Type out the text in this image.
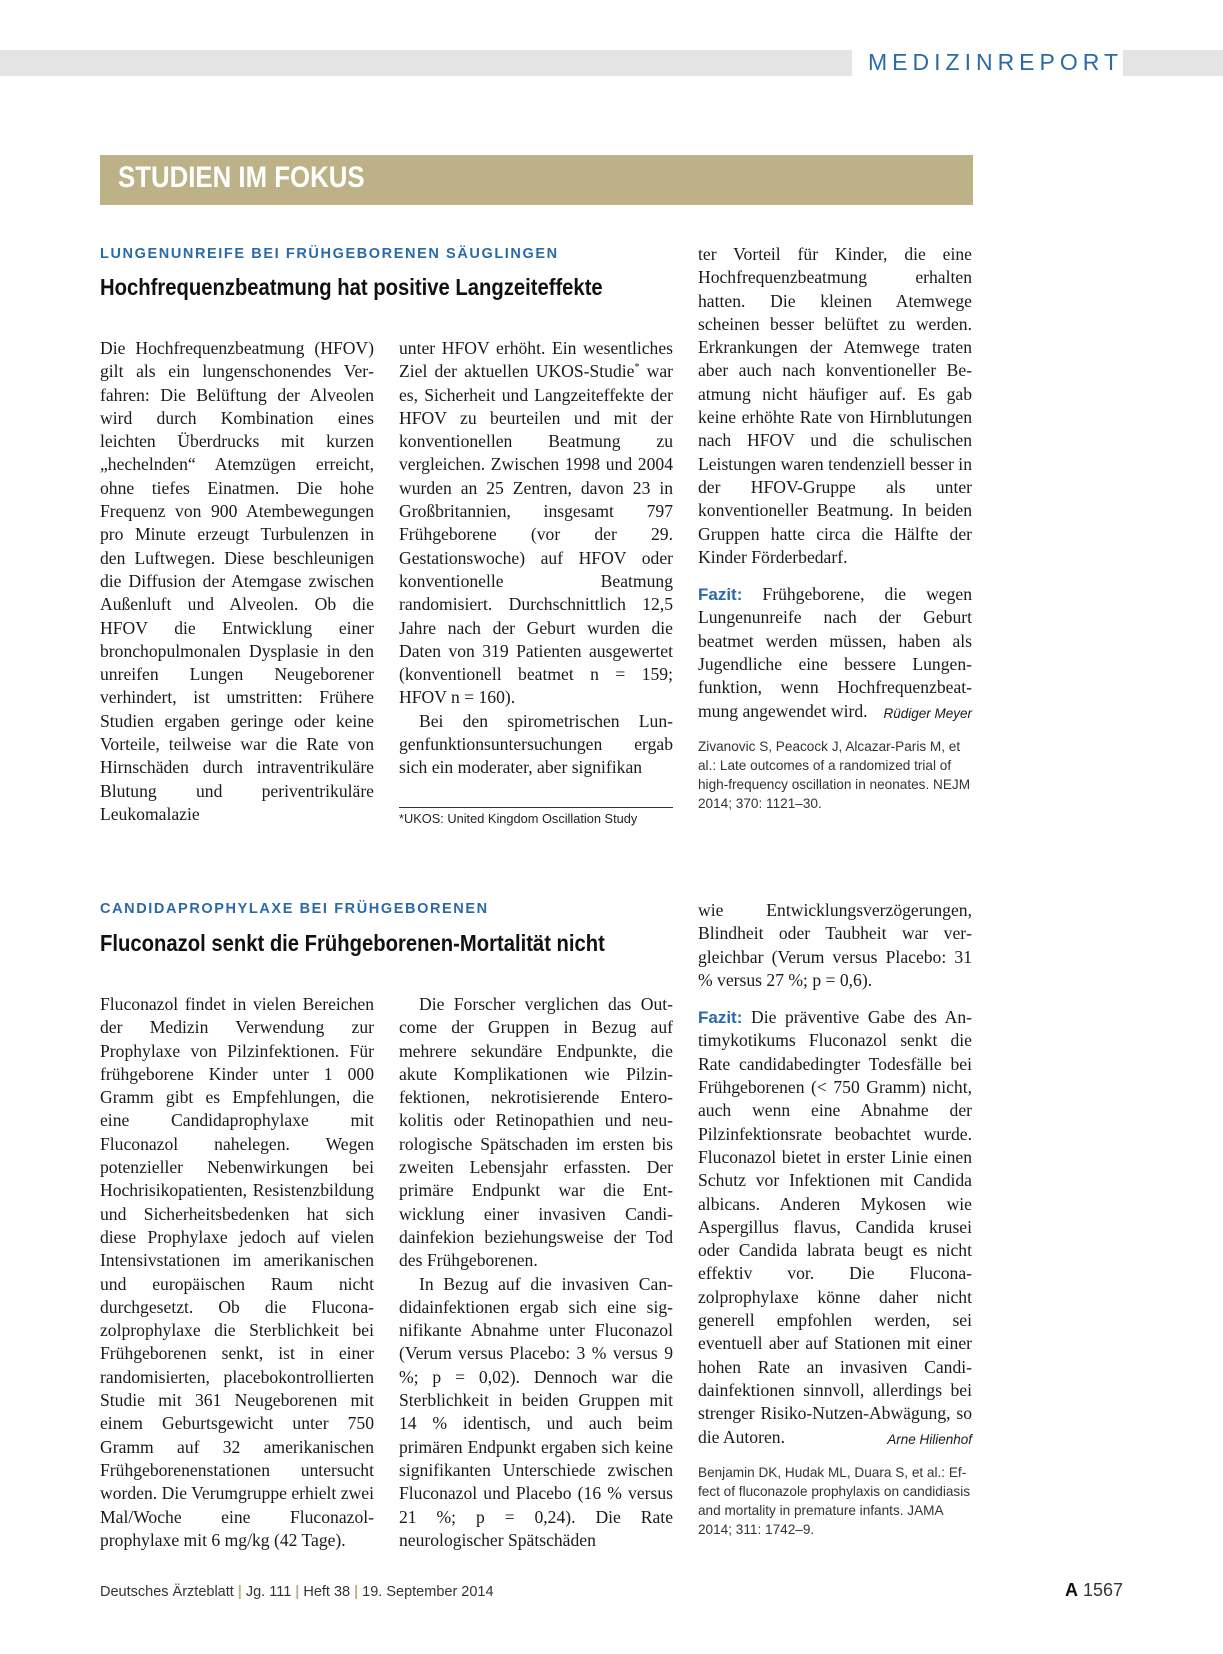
MEDIZINREPORT
STUDIEN IM FOKUS
LUNGENUNREIFE BEI FRÜHGEBORENEN SÄUGLINGEN
Hochfrequenzbeatmung hat positive Langzeiteffekte

Die Hochfrequenzbeatmung (HFOV) gilt als ein lungenschonendes Verfahren: Die Belüftung der Alveolen wird durch Kombination eines leichten Überdrucks mit kurzen „hechelnden“ Atemzügen erreicht, ohne tiefes Einatmen. Die hohe Frequenz von 900 Atembewegungen pro Minute erzeugt Turbulenzen in den Luftwegen. Diese beschleunigen die Diffusion der Atemgase zwischen Außenluft und Alveolen. Ob die HFOV die Entwicklung einer bronchopulmonalen Dysplasie in den unreifen Lungen Neugeborener verhindert, ist umstritten: Frühere Studien ergaben geringe oder keine Vorteile, teilweise war die Rate von Hirnschäden durch intraventrikuläre Blutung und periventrikuläre Leukomalazie

unter HFOV erhöht. Ein wesentliches Ziel der aktuellen UKOS-Studie* war es, Sicherheit und Langzeiteffekte der HFOV zu beurteilen und mit der konventionellen Beatmung zu vergleichen. Zwischen 1998 und 2004 wurden an 25 Zentren, davon 23 in Großbritannien, insgesamt 797 Frühgeborene (vor der 29. Gestationswoche) auf HFOV oder konventionelle Beatmung randomisiert. Durchschnittlich 12,5 Jahre nach der Geburt wurden die Daten von 319 Patienten ausgewertet (konventionell beatmet n = 159; HFOV n = 160).

Bei den spirometrischen Lungenfunktionsuntersuchungen ergab sich ein moderater, aber signifikan

*UKOS: United Kingdom Oscillation Study

ter Vorteil für Kinder, die eine Hochfrequenzbeatmung erhalten hatten. Die kleinen Atemwege scheinen besser belüftet zu werden. Erkrankungen der Atemwege traten aber auch nach konventioneller Beatmung nicht häufiger auf. Es gab keine erhöhte Rate von Hirnblutungen nach HFOV und die schulischen Leistungen waren tendenziell besser in der HFOV-Gruppe als unter konventioneller Beatmung. In beiden Gruppen hatte circa die Hälfte der Kinder Förderbedarf.

Fazit: Frühgeborene, die wegen Lungenunreife nach der Geburt beatmet werden müssen, haben als Jugendliche eine bessere Lungenfunktion, wenn Hochfrequenzbeatmung angewendet wird. Rüdiger Meyer

Zivanovic S, Peacock J, Alcazar-Paris M, et al.: Late outcomes of a randomized trial of high-frequency oscillation in neonates. NEJM 2014; 370: 1121–30.
CANDIDAPROPHYLAXE BEI FRÜHGEBORENEN
Fluconazol senkt die Frühgeborenen-Mortalität nicht

Fluconazol findet in vielen Bereichen der Medizin Verwendung zur Prophylaxe von Pilzinfektionen. Für frühgeborene Kinder unter 1 000 Gramm gibt es Empfehlungen, die eine Candidaprophylaxe mit Fluconazol nahelegen. Wegen potenzieller Nebenwirkungen bei Hochrisikopatienten, Resistenzbildung und Sicherheitsbedenken hat sich diese Prophylaxe jedoch auf vielen Intensivstationen im amerikanischen und europäischen Raum nicht durchgesetzt. Ob die Fluconazolprophylaxe die Sterblichkeit bei Frühgeborenen senkt, ist in einer randomisierten, placebokontrollierten Studie mit 361 Neugeborenen mit einem Geburtsgewicht unter 750 Gramm auf 32 amerikanischen Frühgeborenenstationen untersucht worden. Die Verumgruppe erhielt zwei Mal/Woche eine Fluconazolprophylaxe mit 6 mg/kg (42 Tage).

Die Forscher verglichen das Outcome der Gruppen in Bezug auf mehrere sekundäre Endpunkte, die akute Komplikationen wie Pilzinfektionen, nekrotisierende Enterokolitis oder Retinopathien und neurologische Spätschaden im ersten bis zweiten Lebensjahr erfassten. Der primäre Endpunkt war die Entwicklung einer invasiven Candidainfekion beziehungsweise der Tod des Frühgeborenen.

In Bezug auf die invasiven Candidainfektionen ergab sich eine signifikante Abnahme unter Fluconazol (Verum versus Placebo: 3 % versus 9 %; p = 0,02). Dennoch war die Sterblichkeit in beiden Gruppen mit 14 % identisch, und auch beim primären Endpunkt ergaben sich keine signifikanten Unterschiede zwischen Fluconazol und Placebo (16 % versus 21 %; p = 0,24). Die Rate neurologischer Spätschäden

wie Entwicklungsverzögerungen, Blindheit oder Taubheit war vergleichbar (Verum versus Placebo: 31 % versus 27 %; p = 0,6).

Fazit: Die präventive Gabe des Antimykotikums Fluconazol senkt die Rate candidabedingter Todesfälle bei Frühgeborenen (< 750 Gramm) nicht, auch wenn eine Abnahme der Pilzinfektionsrate beobachtet wurde. Fluconazol bietet in erster Linie einen Schutz vor Infektionen mit Candida albicans. Anderen Mykosen wie Aspergillus flavus, Candida krusei oder Candida labrata beugt es nicht effektiv vor. Die Fluconazolprophylaxe könne daher nicht generell empfohlen werden, sei eventuell aber auf Stationen mit einer hohen Rate an invasiven Candidainfektionen sinnvoll, allerdings bei strenger Risiko-Nutzen-Abwägung, so die Autoren.	Arne Hilienhof

Benjamin DK, Hudak ML, Duara S, et al.: Effect of fluconazole prophylaxis on candidiasis and mortality in premature infants. JAMA 2014; 311: 1742–9.
Deutsches Ärzteblatt | Jg. 111 | Heft 38 | 19. September 2014	A 1567
